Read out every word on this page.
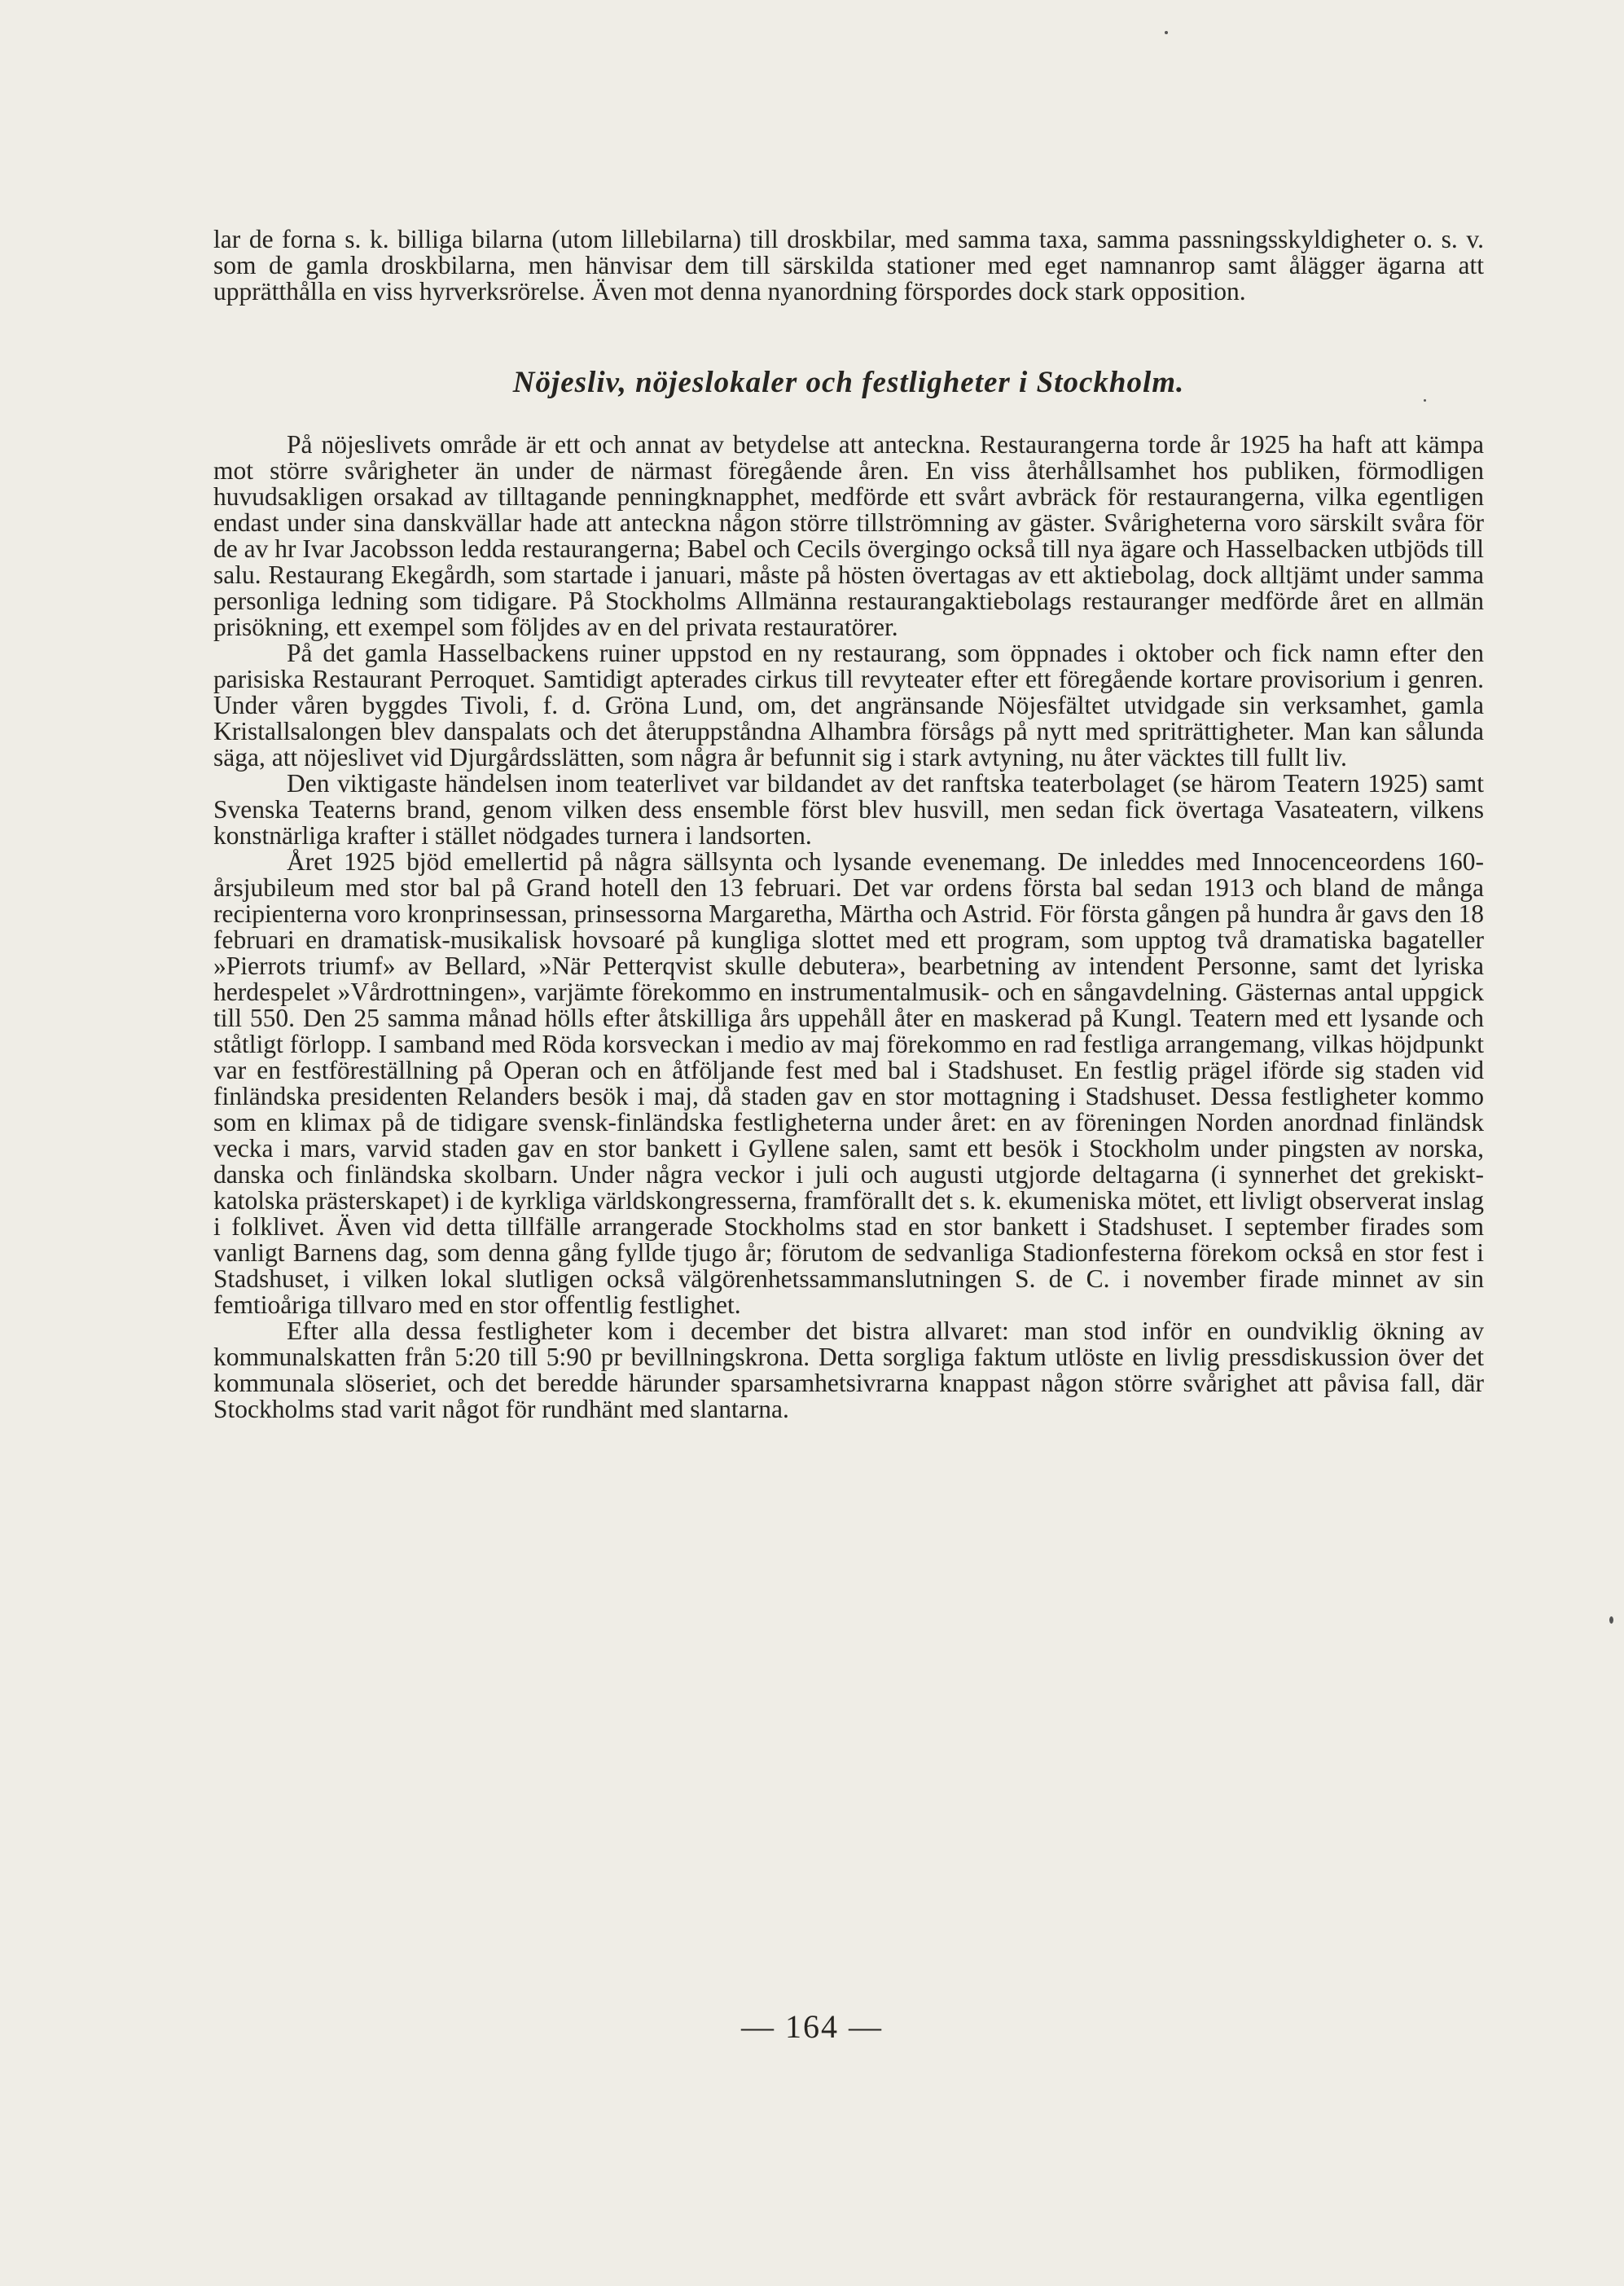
lar de forna s. k. billiga bilarna (utom lillebilarna) till droskbilar, med samma taxa, samma passningsskyldigheter o. s. v. som de gamla droskbilarna, men hänvisar dem till särskilda stationer med eget namnanrop samt ålägger ägarna att upprätthålla en viss hyrverksrörelse. Även mot denna nyanordning förspordes dock stark opposition.

Nöjesliv, nöjeslokaler och festligheter i Stockholm.

På nöjeslivets område är ett och annat av betydelse att anteckna. Restaurangerna torde år 1925 ha haft att kämpa mot större svårigheter än under de närmast föregående åren. En viss återhållsamhet hos publiken, förmodligen huvudsakligen orsakad av tilltagande penningknapphet, medförde ett svårt avbräck för restaurangerna, vilka egentligen endast under sina danskvällar hade att anteckna någon större tillströmning av gäster. Svårigheterna voro särskilt svåra för de av hr Ivar Jacobsson ledda restaurangerna; Babel och Cecils övergingo också till nya ägare och Hasselbacken utbjöds till salu. Restaurang Ekegårdh, som startade i januari, måste på hösten övertagas av ett aktiebolag, dock alltjämt under samma personliga ledning som tidigare. På Stockholms Allmänna restaurangaktiebolags restauranger medförde året en allmän prisökning, ett exempel som följdes av en del privata restauratörer.

På det gamla Hasselbackens ruiner uppstod en ny restaurang, som öppnades i oktober och fick namn efter den parisiska Restaurant Perroquet. Samtidigt apterades cirkus till revyteater efter ett föregående kortare provisorium i genren. Under våren byggdes Tivoli, f. d. Gröna Lund, om, det angränsande Nöjesfältet utvidgade sin verksamhet, gamla Kristallsalongen blev danspalats och det återuppståndna Alhambra försågs på nytt med spriträttigheter. Man kan sålunda säga, att nöjeslivet vid Djurgårdsslätten, som några år befunnit sig i stark avtyning, nu åter väcktes till fullt liv.

Den viktigaste händelsen inom teaterlivet var bildandet av det ranftska teaterbolaget (se härom Teatern 1925) samt Svenska Teaterns brand, genom vilken dess ensemble först blev husvill, men sedan fick övertaga Vasateatern, vilkens konstnärliga krafter i stället nödgades turnera i landsorten.

Året 1925 bjöd emellertid på några sällsynta och lysande evenemang. De inleddes med Innocenceordens 160-årsjubileum med stor bal på Grand hotell den 13 februari. Det var ordens första bal sedan 1913 och bland de många recipienterna voro kronprinsessan, prinsessorna Margaretha, Märtha och Astrid. För första gången på hundra år gavs den 18 februari en dramatisk-musikalisk hovsoaré på kungliga slottet med ett program, som upptog två dramatiska bagateller »Pierrots triumf» av Bellard, »När Petterqvist skulle debutera», bearbetning av intendent Personne, samt det lyriska herdespelet »Vårdrottningen», varjämte förekommo en instrumentalmusik- och en sångavdelning. Gästernas antal uppgick till 550. Den 25 samma månad hölls efter åtskilliga års uppehåll åter en maskerad på Kungl. Teatern med ett lysande och ståtligt förlopp. I samband med Röda korsveckan i medio av maj förekommo en rad festliga arrangemang, vilkas höjdpunkt var en festföreställning på Operan och en åtföljande fest med bal i Stadshuset. En festlig prägel iförde sig staden vid finländska presidenten Relanders besök i maj, då staden gav en stor mottagning i Stadshuset. Dessa festligheter kommo som en klimax på de tidigare svensk-finländska festligheterna under året: en av föreningen Norden anordnad finländsk vecka i mars, varvid staden gav en stor bankett i Gyllene salen, samt ett besök i Stockholm under pingsten av norska, danska och finländska skolbarn. Under några veckor i juli och augusti utgjorde deltagarna (i synnerhet det grekiskt-katolska prästerskapet) i de kyrkliga världskongresserna, framförallt det s. k. ekumeniska mötet, ett livligt observerat inslag i folklivet. Även vid detta tillfälle arrangerade Stockholms stad en stor bankett i Stadshuset. I september firades som vanligt Barnens dag, som denna gång fyllde tjugo år; förutom de sedvanliga Stadionfesterna förekom också en stor fest i Stadshuset, i vilken lokal slutligen också välgörenhetssammanslutningen S. de C. i november firade minnet av sin femtioåriga tillvaro med en stor offentlig festlighet.

Efter alla dessa festligheter kom i december det bistra allvaret: man stod inför en oundviklig ökning av kommunalskatten från 5:20 till 5:90 pr bevillningskrona. Detta sorgliga faktum utlöste en livlig pressdiskussion över det kommunala slöseriet, och det beredde härunder sparsamhetsivrarna knappast någon större svårighet att påvisa fall, där Stockholms stad varit något för rundhänt med slantarna.

— 164 —
